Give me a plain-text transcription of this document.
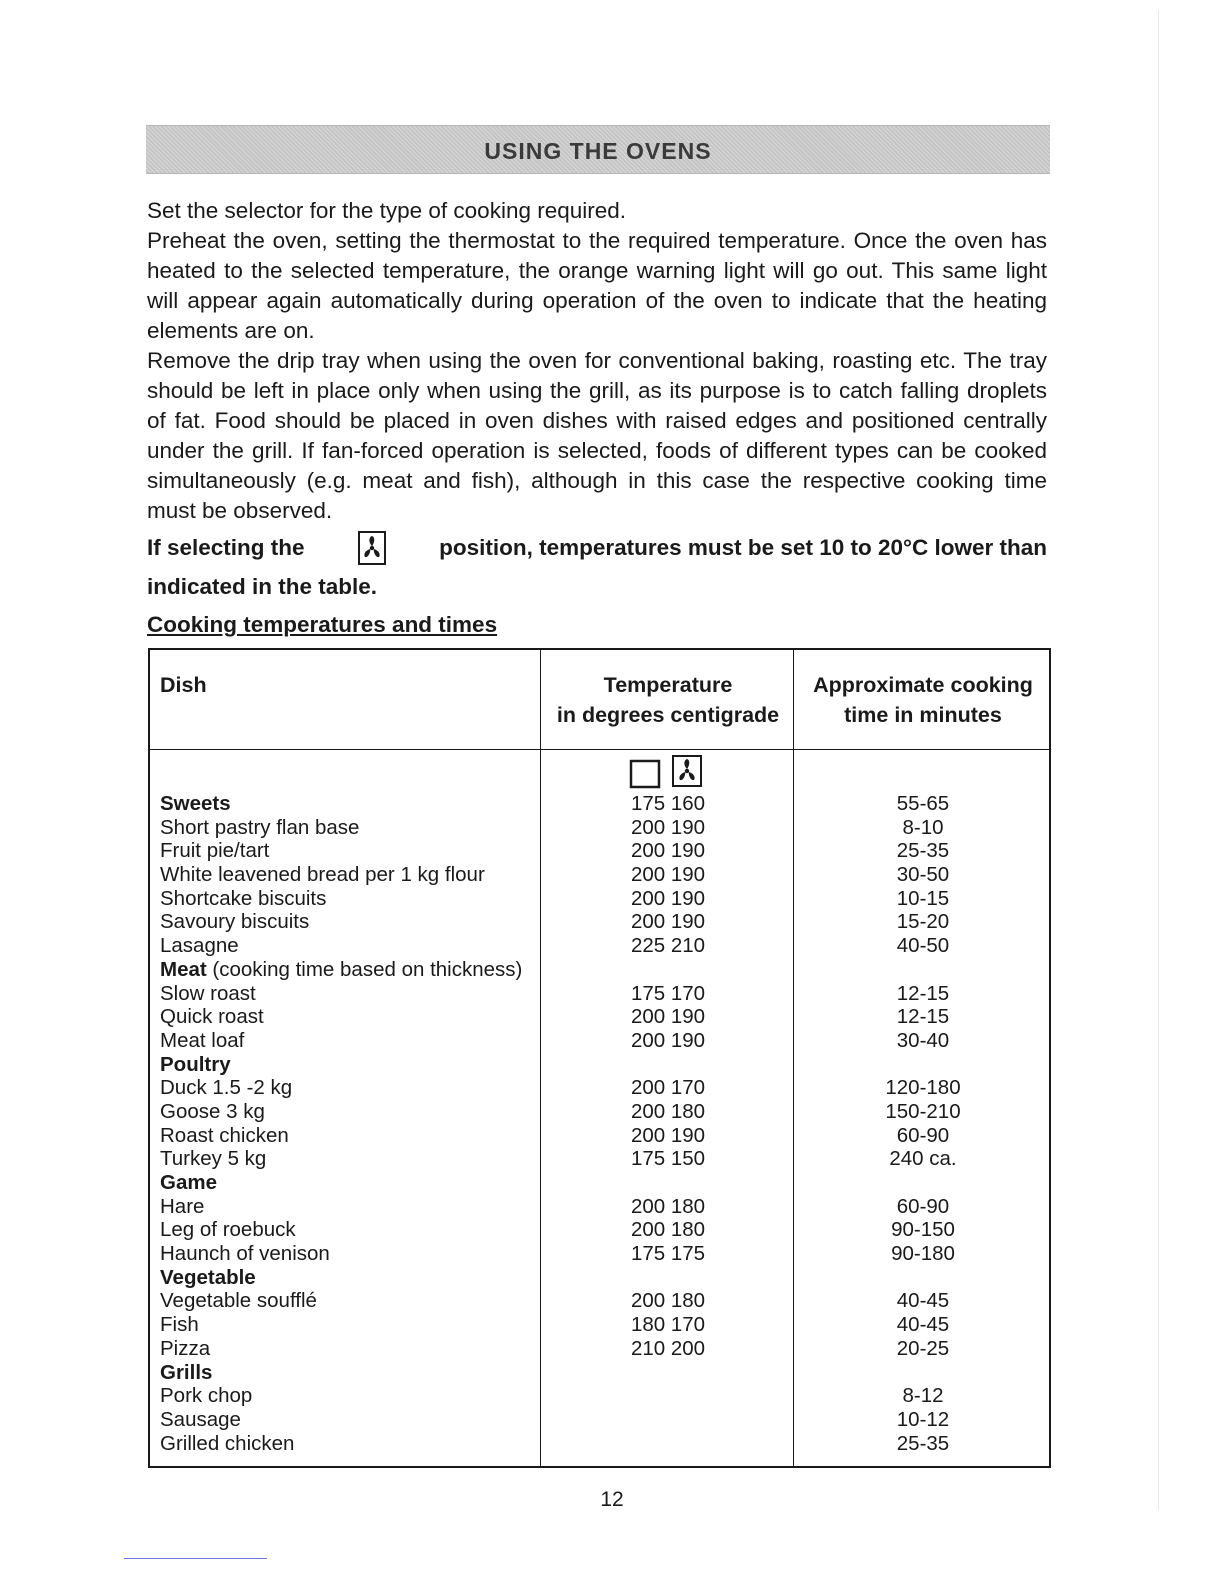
USING THE OVENS

Set the selector for the type of cooking required.

Preheat the oven, setting the thermostat to the required temperature. Once the oven has heated to the selected temperature, the orange warning light will go out. This same light will appear again automatically during operation of the oven to indicate that the heating elements are on.

Remove the drip tray when using the oven for conventional baking, roasting etc. The tray should be left in place only when using the grill, as its purpose is to catch falling droplets of fat. Food should be placed in oven dishes with raised edges and positioned centrally under the grill. If fan-forced operation is selected, foods of different types can be cooked simultaneously (e.g. meat and fish), although in this case the respective cooking time must be observed.

If selecting the	position, temperatures must be set 10 to 20°C lower than
indicated in the table.
Cooking temperatures and times
Dish	Temperature
in degrees centigrade
Approximate cooking
time in minutes
Sweets
Short pastry flan base
Fruit pie/tart
White leavened bread per 1 kg flour
Shortcake biscuits
Savoury biscuits
Lasagne
Meat (cooking time based on thickness)
Slow roast
Quick roast
Meat loaf
Poultry
Duck 1.5 -2 kg
Goose 3 kg
Roast chicken
Turkey 5 kg
Game
Hare
Leg of roebuck
Haunch of venison
Vegetable
Vegetable soufflé
Fish
Pizza
Grills
Pork chop
Sausage
Grilled chicken
175 160
200 190
200 190
200 190
200 190
200 190
225 210
175 170
200 190
200 190
200 170
200 180
200 190
175 150
200 180
200 180
175 175
200 180
180 170
210 200
55-65
8-10
25-35
30-50
10-15
15-20
40-50
12-15
12-15
30-40
120-180
150-210
60-90
240 ca.
60-90
90-150
90-180
40-45
40-45
20-25
8-12
10-12
25-35
12
